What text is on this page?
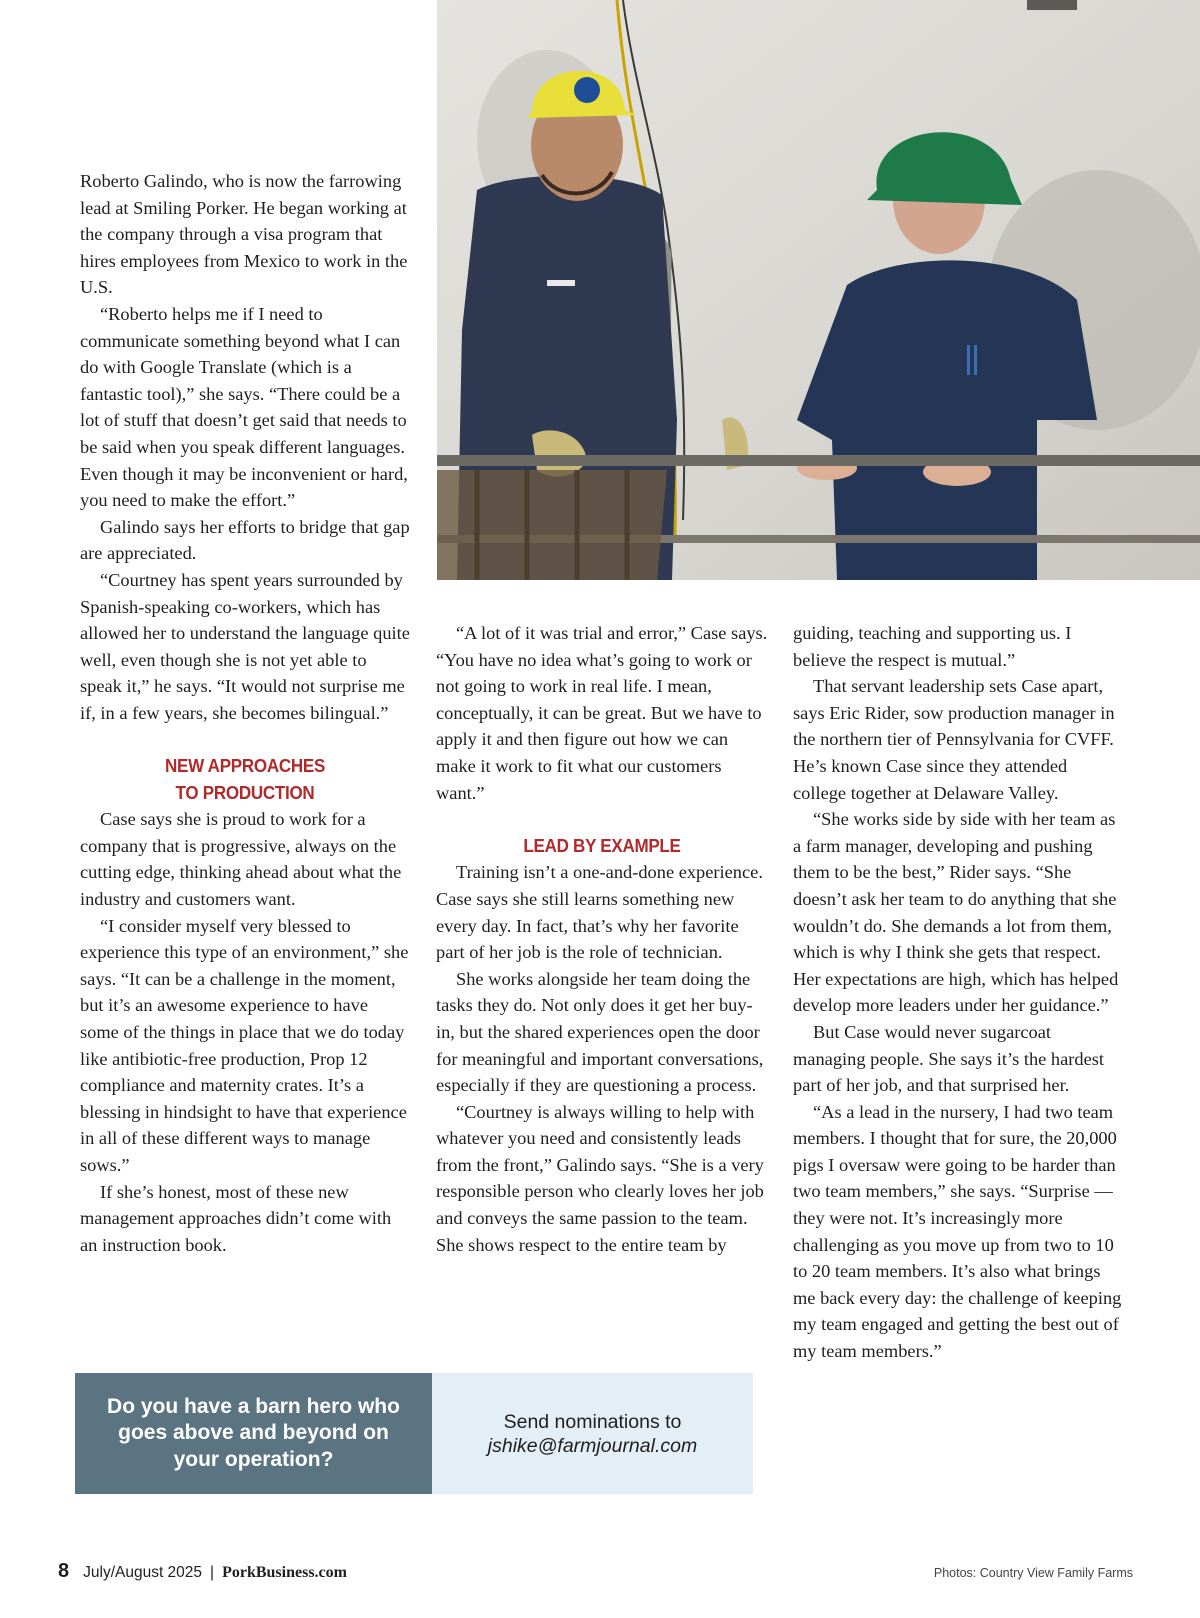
Roberto Galindo, who is now the farrowing lead at Smiling Porker. He began working at the company through a visa program that hires employees from Mexico to work in the U.S.

“Roberto helps me if I need to communicate something beyond what I can do with Google Translate (which is a fantastic tool),” she says. “There could be a lot of stuff that doesn’t get said that needs to be said when you speak different languages. Even though it may be inconvenient or hard, you need to make the effort.”

Galindo says her efforts to bridge that gap are appreciated.

“Courtney has spent years surrounded by Spanish-speaking co-workers, which has allowed her to understand the language quite well, even though she is not yet able to speak it,” he says. “It would not surprise me if, in a few years, she becomes bilingual.”

NEW APPROACHES
TO PRODUCTION

Case says she is proud to work for a company that is progressive, always on the cutting edge, thinking ahead about what the industry and customers want.

“I consider myself very blessed to experience this type of an environment,” she says. “It can be a challenge in the moment, but it’s an awesome experience to have some of the things in place that we do today like antibiotic-free production, Prop 12 compliance and maternity crates. It’s a blessing in hindsight to have that experience in all of these different ways to manage sows.”

If she’s honest, most of these new management approaches didn’t come with an instruction book.

“A lot of it was trial and error,” Case says. “You have no idea what’s going to work or not going to work in real life. I mean, conceptually, it can be great. But we have to apply it and then figure out how we can make it work to fit what our customers want.”

LEAD BY EXAMPLE

Training isn’t a one-and-done experience. Case says she still learns something new every day. In fact, that’s why her favorite part of her job is the role of technician.

She works alongside her team doing the tasks they do. Not only does it get her buy-in, but the shared experiences open the door for meaningful and important conversations, especially if they are questioning a process.

“Courtney is always willing to help with whatever you need and consistently leads from the front,” Galindo says. “She is a very responsible person who clearly loves her job and conveys the same passion to the team. She shows respect to the entire team by

guiding, teaching and supporting us. I believe the respect is mutual.”

That servant leadership sets Case apart, says Eric Rider, sow production manager in the northern tier of Pennsylvania for CVFF. He’s known Case since they attended college together at Delaware Valley.

“She works side by side with her team as a farm manager, developing and pushing them to be the best,” Rider says. “She doesn’t ask her team to do anything that she wouldn’t do. She demands a lot from them, which is why I think she gets that respect. Her expectations are high, which has helped develop more leaders under her guidance.”

But Case would never sugarcoat managing people. She says it’s the hardest part of her job, and that surprised her.

“As a lead in the nursery, I had two team members. I thought that for sure, the 20,000 pigs I oversaw were going to be harder than two team members,” she says. “Surprise — they were not. It’s increasingly more challenging as you move up from two to 10 to 20 team members. It’s also what brings me back every day: the challenge of keeping my team engaged and getting the best out of my team members.”

Do you have a barn hero who goes above and beyond on your operation?
Send nominations to
jshike@farmjournal.com
8 July/August 2025 | PorkBusiness.com	Photos: Country View Family Farms
